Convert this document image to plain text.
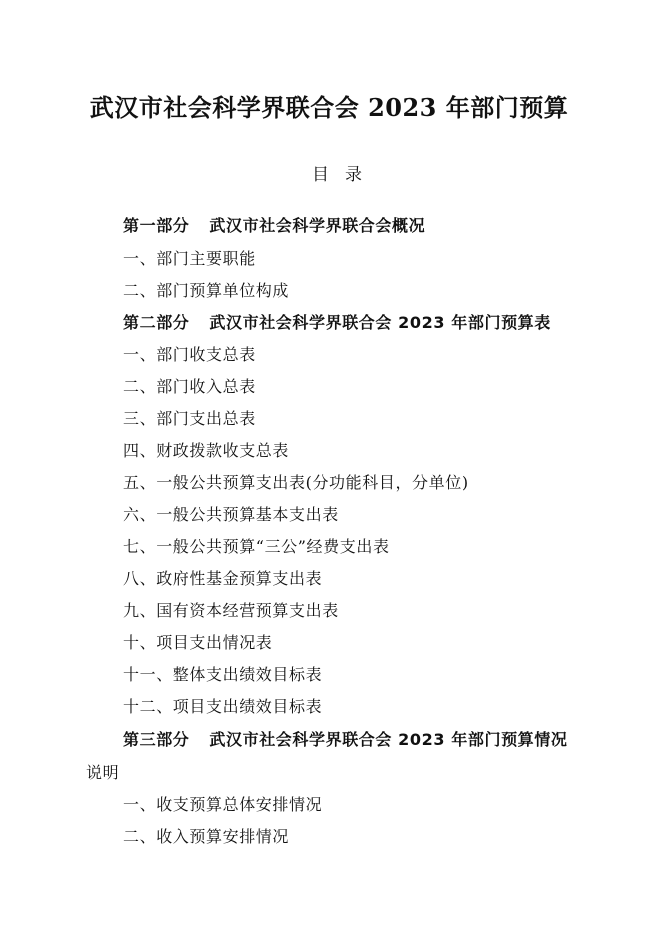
武汉市社会科学界联合会 2023 年部门预算
目录
第一部分 武汉市社会科学界联合会概况
一、部门主要职能
二、部门预算单位构成
第二部分 武汉市社会科学界联合会 2023 年部门预算表
一、部门收支总表
二、部门收入总表
三、部门支出总表
四、财政拨款收支总表
五、一般公共预算支出表(分功能科目，分单位)
六、一般公共预算基本支出表
七、一般公共预算“三公”经费支出表
八、政府性基金预算支出表
九、国有资本经营预算支出表
十、项目支出情况表
十一、整体支出绩效目标表
十二、项目支出绩效目标表
第三部分 武汉市社会科学界联合会 2023 年部门预算情况
说明
一、收支预算总体安排情况
二、收入预算安排情况
